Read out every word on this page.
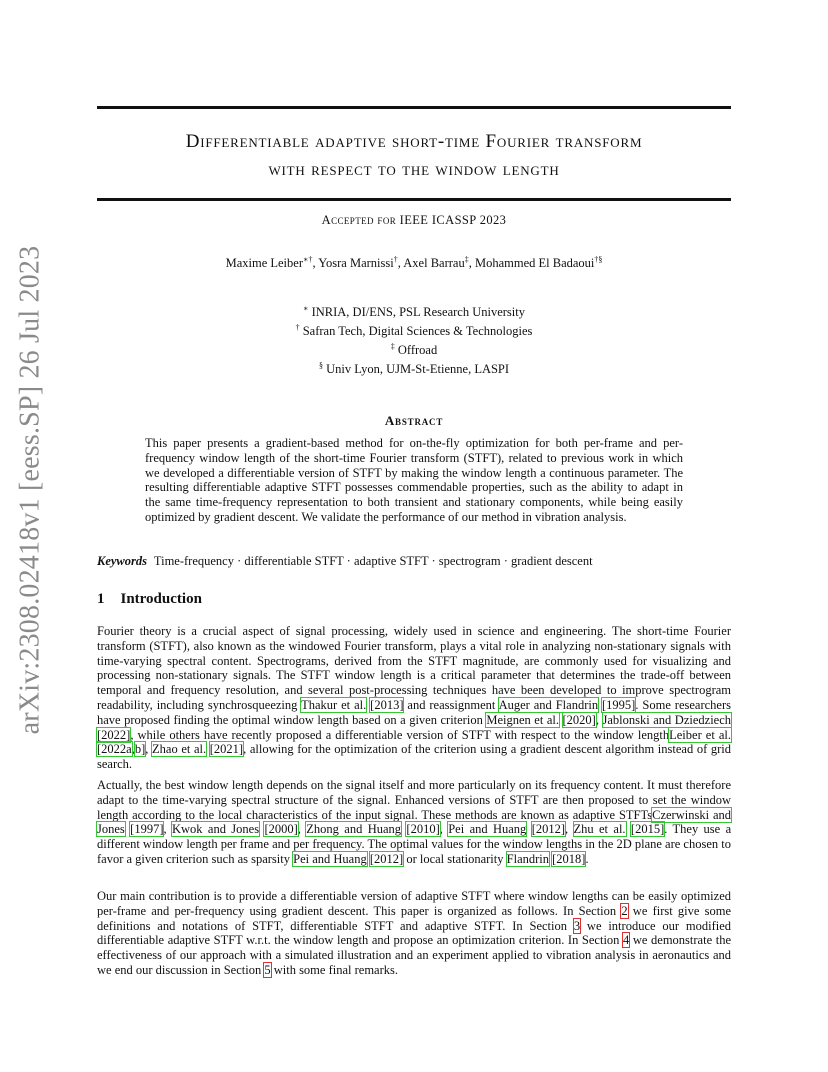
arXiv:2308.02418v1 [eess.SP] 26 Jul 2023
Differentiable adaptive short-time Fourier transform
with respect to the window length
Accepted for IEEE ICASSP 2023
Maxime Leiber∗†, Yosra Marnissi†, Axel Barrau‡, Mohammed El Badaoui†§
∗ INRIA, DI/ENS, PSL Research University
† Safran Tech, Digital Sciences & Technologies
‡ Offroad
§ Univ Lyon, UJM-St-Etienne, LASPI
Abstract
This paper presents a gradient-based method for on-the-fly optimization for both per-frame and per-frequency window length of the short-time Fourier transform (STFT), related to previous work in which we developed a differentiable version of STFT by making the window length a continuous parameter. The resulting differentiable adaptive STFT possesses commendable properties, such as the ability to adapt in the same time-frequency representation to both transient and stationary components, while being easily optimized by gradient descent. We validate the performance of our method in vibration analysis.
Keywords Time-frequency · differentiable STFT · adaptive STFT · spectrogram · gradient descent
1 Introduction
Fourier theory is a crucial aspect of signal processing, widely used in science and engineering. The short-time Fourier transform (STFT), also known as the windowed Fourier transform, plays a vital role in analyzing non-stationary signals with time-varying spectral content. Spectrograms, derived from the STFT magnitude, are commonly used for visualizing and processing non-stationary signals. The STFT window length is a critical parameter that determines the trade-off between temporal and frequency resolution, and several post-processing techniques have been developed to improve spectrogram readability, including synchrosqueezing Thakur et al. [2013] and reassignment Auger and Flandrin [1995]. Some researchers have proposed finding the optimal window length based on a given criterion Meignen et al. [2020], Jablonski and Dziedziech [2022], while others have recently proposed a differentiable version of STFT with respect to the window lengthLeiber et al. [2022a,b], Zhao et al. [2021], allowing for the optimization of the criterion using a gradient descent algorithm instead of grid search.
Actually, the best window length depends on the signal itself and more particularly on its frequency content. It must therefore adapt to the time-varying spectral structure of the signal. Enhanced versions of STFT are then proposed to set the window length according to the local characteristics of the input signal. These methods are known as adaptive STFTsCzerwinski and Jones [1997], Kwok and Jones [2000], Zhong and Huang [2010], Pei and Huang [2012], Zhu et al. [2015]. They use a different window length per frame and per frequency. The optimal values for the window lengths in the 2D plane are chosen to favor a given criterion such as sparsity Pei and Huang [2012] or local stationarity Flandrin [2018].
Our main contribution is to provide a differentiable version of adaptive STFT where window lengths can be easily optimized per-frame and per-frequency using gradient descent. This paper is organized as follows. In Section 2 we first give some definitions and notations of STFT, differentiable STFT and adaptive STFT. In Section 3 we introduce our modified differentiable adaptive STFT w.r.t. the window length and propose an optimization criterion. In Section 4 we demonstrate the effectiveness of our approach with a simulated illustration and an experiment applied to vibration analysis in aeronautics and we end our discussion in Section 5 with some final remarks.
